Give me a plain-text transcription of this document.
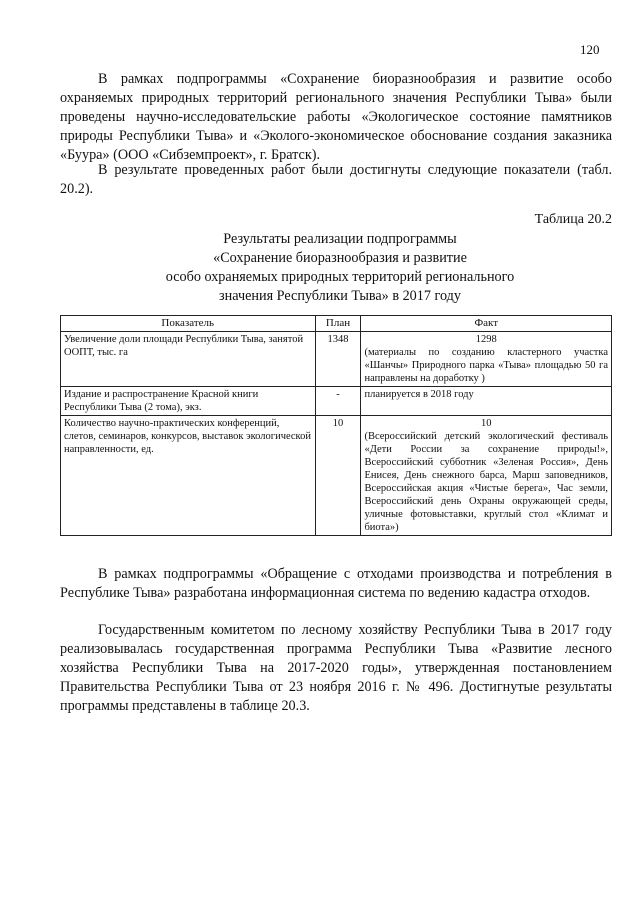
120

В рамках подпрограммы «Сохранение биоразнообразия и развитие особо охраняемых природных территорий регионального значения Республики Тыва» были проведены научно-исследовательские работы «Экологическое состояние памятников природы Республики Тыва» и «Эколого-экономическое обоснование создания заказника «Буура» (ООО «Сибземпроект», г. Братск).

В результате проведенных работ были достигнуты следующие показатели (табл. 20.2).

Таблица 20.2
Результаты реализации подпрограммы
«Сохранение биоразнообразия и развитие
особо охраняемых природных территорий регионального
значения Республики Тыва» в 2017 году
Показатель	План	Факт
Увеличение доли площади Республики Тыва, занятой ООПТ, тыс. га	1348	1298
(материалы по созданию кластерного участка «Шанчы» Природного парка «Тыва» площадью 50 га направлены на доработку )

Издание и распространение Красной книги Республики Тыва (2 тома), экз.	-	планируется в 2018 году

Количество научно-практических конференций, слетов, семинаров, конкурсов, выставок экологической направленности, ед.	10	10
(Всероссийский детский экологический фестиваль «Дети России за сохранение природы!», Всероссийский субботник «Зеленая Россия», День Енисея, День снежного барса, Марш заповедников, Всероссийская акция «Чистые берега», Час земли, Всероссийский день Охраны окружающей среды, уличные фотовыставки, круглый стол «Климат и биота»)

В рамках подпрограммы «Обращение с отходами производства и потребления в Республике Тыва» разработана информационная система по ведению кадастра отходов.

Государственным комитетом по лесному хозяйству Республики Тыва в 2017 году реализовывалась государственная программа Республики Тыва «Развитие лесного хозяйства Республики Тыва на 2017-2020 годы», утвержденная постановлением Правительства Республики Тыва от 23 ноября 2016 г. № 496. Достигнутые результаты программы представлены в таблице 20.3.
